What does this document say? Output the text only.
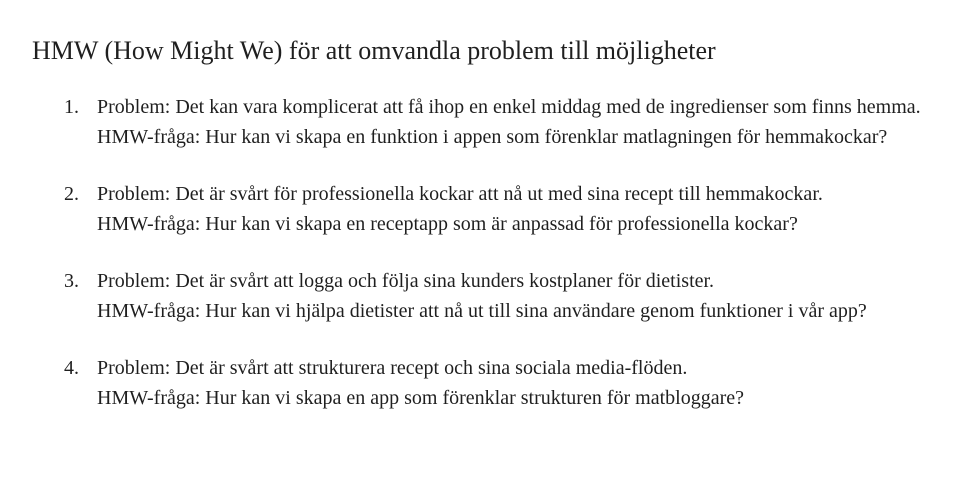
HMW (How Might We) för att omvandla problem till möjligheter
1. Problem: Det kan vara komplicerat att få ihop en enkel middag med de ingredienser som finns hemma.
HMW-fråga: Hur kan vi skapa en funktion i appen som förenklar matlagningen för hemmakockar?
2. Problem: Det är svårt för professionella kockar att nå ut med sina recept till hemmakockar.
HMW-fråga: Hur kan vi skapa en receptapp som är anpassad för professionella kockar?
3. Problem: Det är svårt att logga och följa sina kunders kostplaner för dietister.
HMW-fråga: Hur kan vi hjälpa dietister att nå ut till sina användare genom funktioner i vår app?
4. Problem: Det är svårt att strukturera recept och sina sociala media-flöden.
HMW-fråga: Hur kan vi skapa en app som förenklar strukturen för matbloggare?
